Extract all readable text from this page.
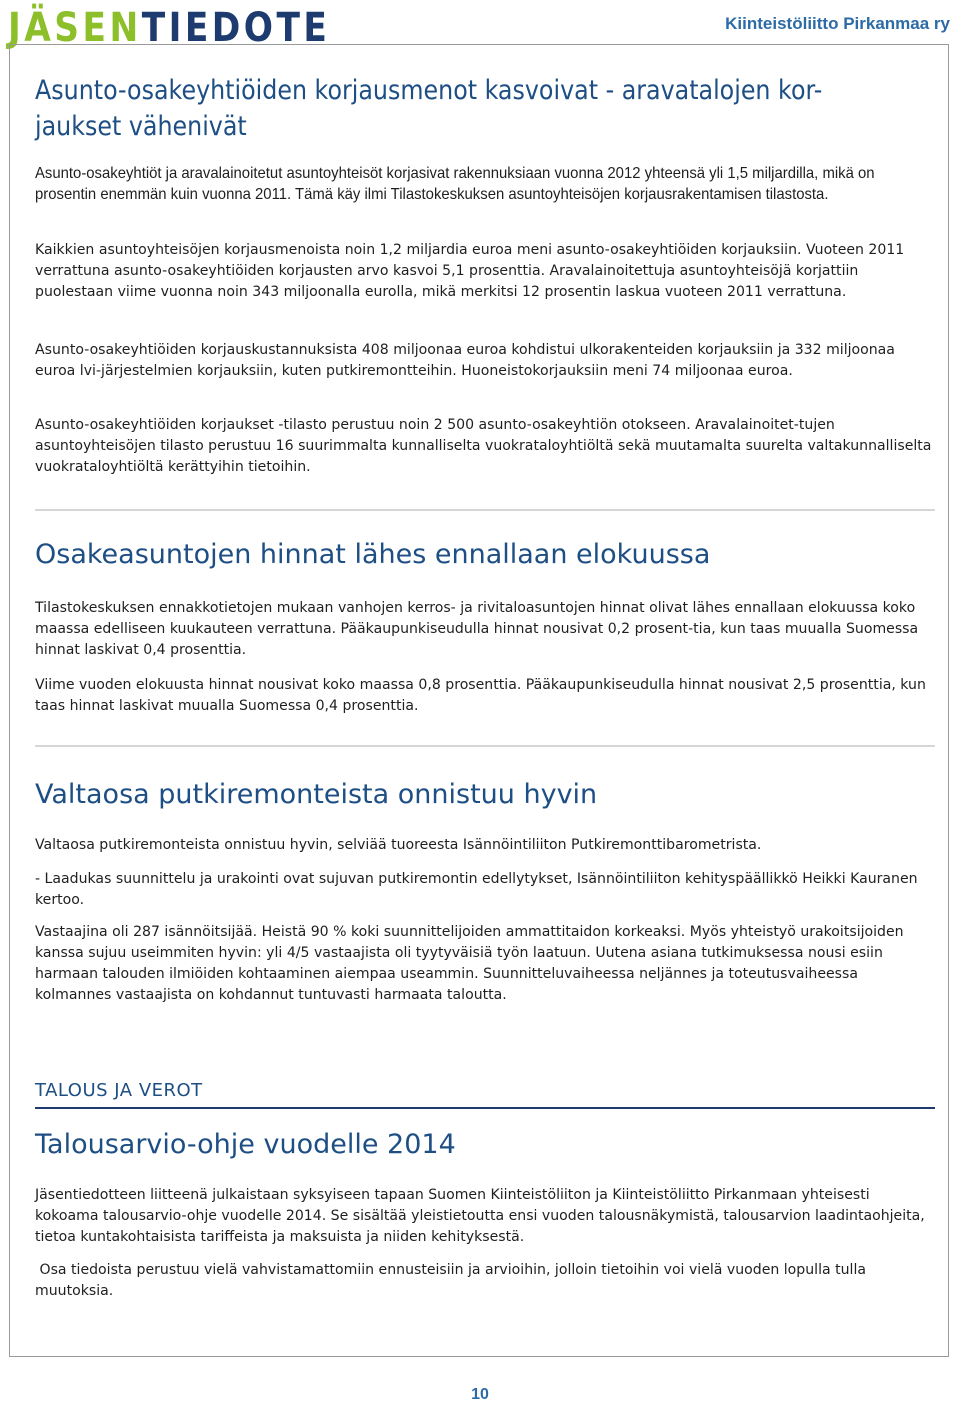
JÄSENTIEDOTE	Kiinteistöliitto Pirkanmaa ry
Asunto-osakeyhtiöiden korjausmenot kasvoivat - aravatalojen kor-
jaukset vähenivät

Asunto-osakeyhtiöt ja aravalainoitetut asuntoyhteisöt korjasivat rakennuksiaan vuonna 2012 yhteensä yli 1,5 miljardilla, mikä on prosentin enemmän kuin vuonna 2011. Tämä käy ilmi Tilastokeskuksen asuntoyhteisöjen korjausrakentamisen tilastosta.

Kaikkien asuntoyhteisöjen korjausmenoista noin 1,2 miljardia euroa meni asunto-osakeyhtiöiden korjauksiin. Vuoteen 2011 verrattuna asunto-osakeyhtiöiden korjausten arvo kasvoi 5,1 prosenttia. Aravalainoitettuja asuntoyhteisöjä korjattiin puolestaan viime vuonna noin 343 miljoonalla eurolla, mikä merkitsi 12 prosentin laskua vuoteen 2011 verrattuna.

Asunto-osakeyhtiöiden korjauskustannuksista 408 miljoonaa euroa kohdistui ulkorakenteiden korjauksiin ja 332 miljoonaa euroa lvi-järjestelmien korjauksiin, kuten putkiremontteihin. Huoneistokorjauksiin meni 74 miljoonaa euroa.

Asunto-osakeyhtiöiden korjaukset -tilasto perustuu noin 2 500 asunto-osakeyhtiön otokseen. Aravalainoitet-tujen asuntoyhteisöjen tilasto perustuu 16 suurimmalta kunnalliselta vuokrataloyhtiöltä sekä muutamalta suurelta valtakunnalliselta vuokrataloyhtiöltä kerättyihin tietoihin.

Osakeasuntojen hinnat lähes ennallaan elokuussa

Tilastokeskuksen ennakkotietojen mukaan vanhojen kerros- ja rivitaloasuntojen hinnat olivat lähes ennallaan elokuussa koko maassa edelliseen kuukauteen verrattuna. Pääkaupunkiseudulla hinnat nousivat 0,2 prosent-tia, kun taas muualla Suomessa hinnat laskivat 0,4 prosenttia.

Viime vuoden elokuusta hinnat nousivat koko maassa 0,8 prosenttia. Pääkaupunkiseudulla hinnat nousivat 2,5 prosenttia, kun taas hinnat laskivat muualla Suomessa 0,4 prosenttia.

Valtaosa putkiremonteista onnistuu hyvin

Valtaosa putkiremonteista onnistuu hyvin, selviää tuoreesta Isännöintiliiton Putkiremonttibarometrista.

- Laadukas suunnittelu ja urakointi ovat sujuvan putkiremontin edellytykset, Isännöintiliiton kehityspäällikkö Heikki Kauranen kertoo.

Vastaajina oli 287 isännöitsijää. Heistä 90 % koki suunnittelijoiden ammattitaidon korkeaksi. Myös yhteistyö urakoitsijoiden kanssa sujuu useimmiten hyvin: yli 4/5 vastaajista oli tyytyväisiä työn laatuun. Uutena asiana tutkimuksessa nousi esiin harmaan talouden ilmiöiden kohtaaminen aiempaa useammin. Suunnitteluvaiheessa neljännes ja toteutusvaiheessa kolmannes vastaajista on kohdannut tuntuvasti harmaata taloutta.

TALOUS JA VEROT
Talousarvio-ohje vuodelle 2014

Jäsentiedotteen liitteenä julkaistaan syksyiseen tapaan Suomen Kiinteistöliiton ja Kiinteistöliitto Pirkanmaan yhteisesti kokoama talousarvio-ohje vuodelle 2014. Se sisältää yleistietoutta ensi vuoden talousnäkymistä, talousarvion laadintaohjeita, tietoa kuntakohtaisista tariffeista ja maksuista ja niiden kehityksestä.

Osa tiedoista perustuu vielä vahvistamattomiin ennusteisiin ja arvioihin, jolloin tietoihin voi vielä vuoden lopulla tulla muutoksia.

10
